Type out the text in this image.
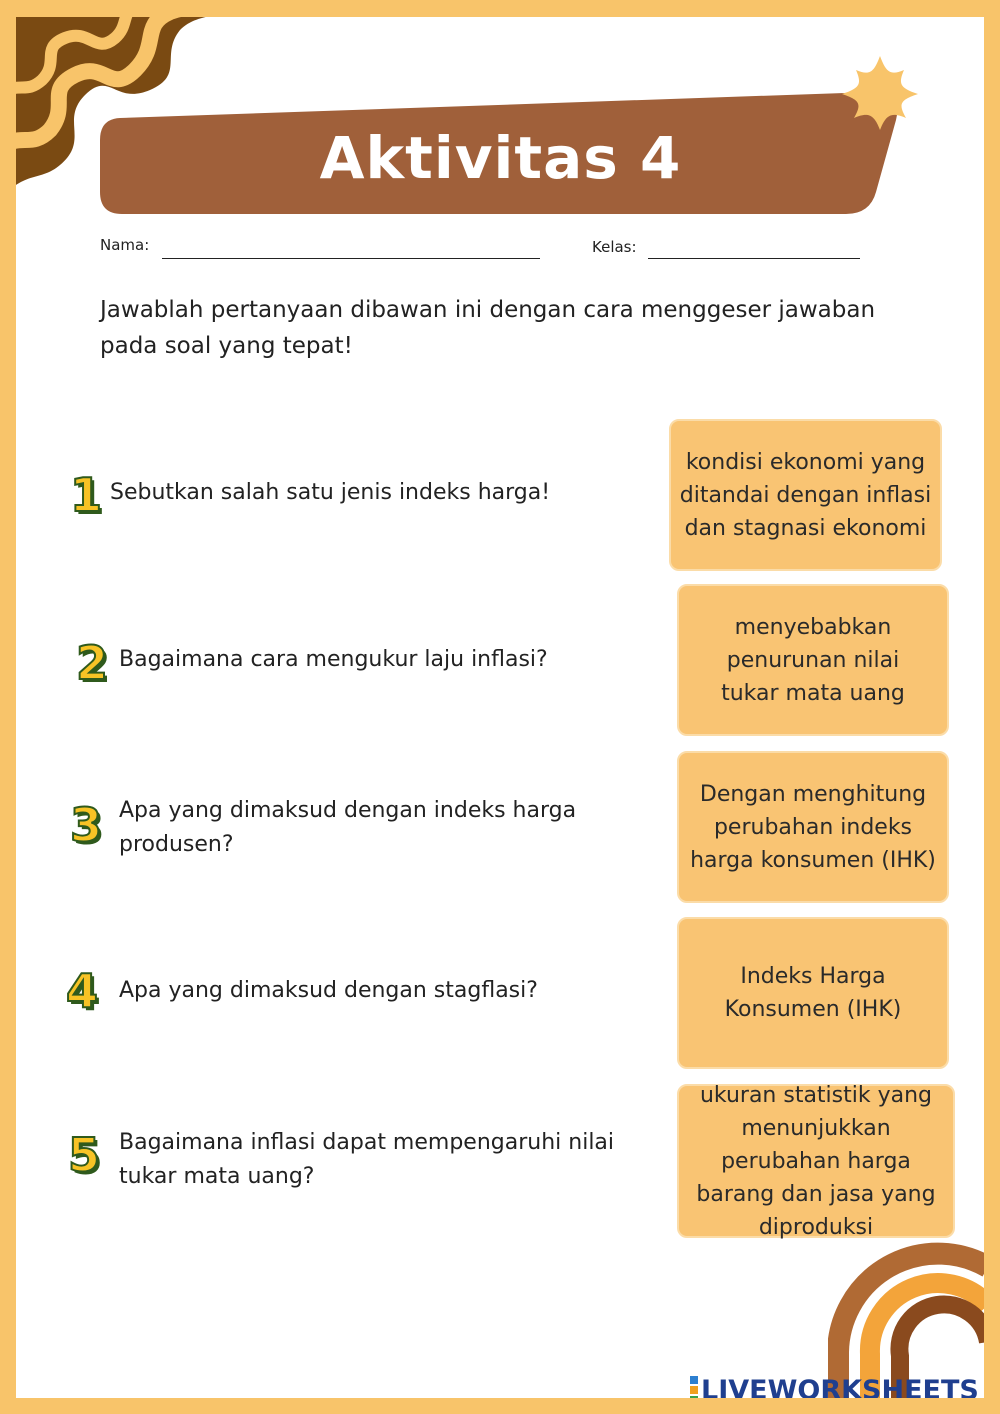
Aktivitas 4
Nama:	Kelas:
Jawablah pertanyaan dibawan ini dengan cara menggeser jawaban pada soal yang tepat!
1 Sebutkan salah satu jenis indeks harga!
2 Bagaimana cara mengukur laju inflasi?
3 Apa yang dimaksud dengan indeks harga produsen?
4 Apa yang dimaksud dengan stagflasi?
5 Bagaimana inflasi dapat mempengaruhi nilai tukar mata uang?
kondisi ekonomi yang ditandai dengan inflasi dan stagnasi ekonomi
menyebabkan penurunan nilai tukar mata uang
Dengan menghitung perubahan indeks harga konsumen (IHK)
Indeks Harga Konsumen (IHK)
ukuran statistik yang menunjukkan perubahan harga barang dan jasa yang diproduksi
LIVEWORKSHEETS
